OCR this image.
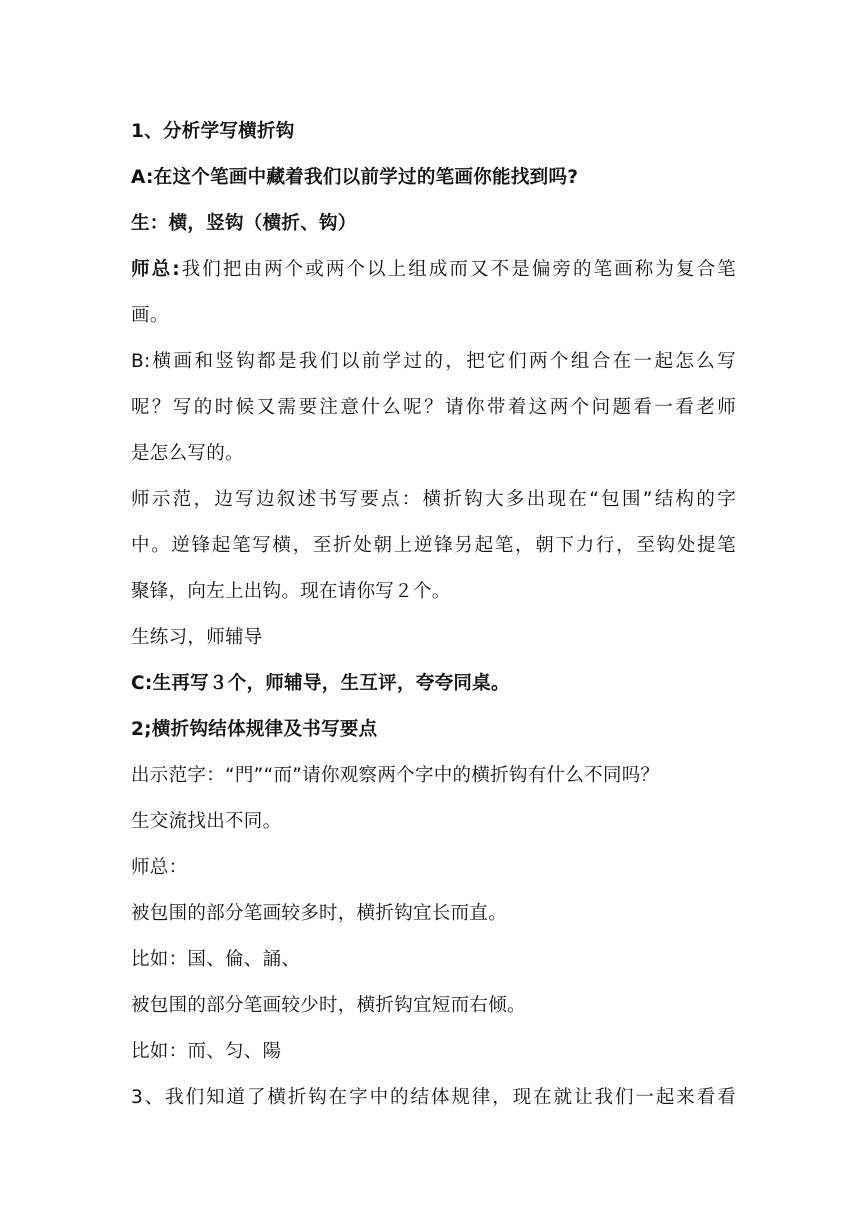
1、分析学写横折钩

A:在这个笔画中藏着我们以前学过的笔画你能找到吗?

生：横，竖钩（横折、钩）

师总:我们把由两个或两个以上组成而又不是偏旁的笔画称为复合笔

画。

B:横画和竖钩都是我们以前学过的，把它们两个组合在一起怎么写

呢？写的时候又需要注意什么呢？请你带着这两个问题看一看老师

是怎么写的。

师示范，边写边叙述书写要点：横折钩大多出现在“包围”结构的字

中。逆锋起笔写横，至折处朝上逆锋另起笔，朝下力行，至钩处提笔

聚锋，向左上出钩。现在请你写２个。

生练习，师辅导

C:生再写３个，师辅导，生互评，夸夸同桌。

2;横折钩结体规律及书写要点

出示范字：“門”“而”请你观察两个字中的横折钩有什么不同吗？

生交流找出不同。

师总：

被包围的部分笔画较多时，横折钩宜长而直。

比如：国、倫、誦、

被包围的部分笔画较少时，横折钩宜短而右倾。

比如：而、匀、陽

3、我们知道了横折钩在字中的结体规律，现在就让我们一起来看看
